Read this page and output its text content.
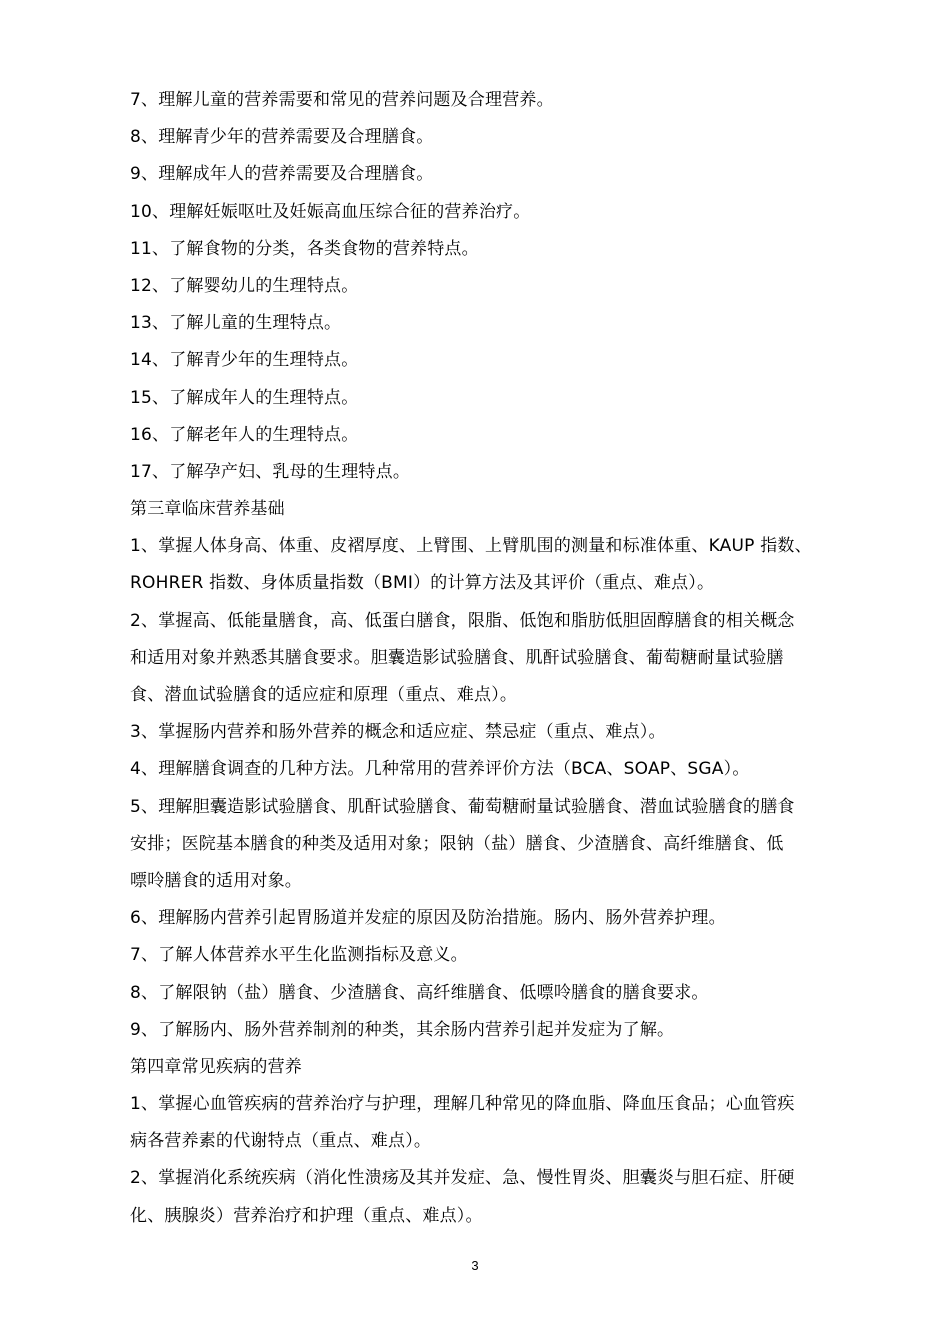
7、理解儿童的营养需要和常见的营养问题及合理营养。
8、理解青少年的营养需要及合理膳食。
9、理解成年人的营养需要及合理膳食。
10、理解妊娠呕吐及妊娠高血压综合征的营养治疗。
11、了解食物的分类，各类食物的营养特点。
12、了解婴幼儿的生理特点。
13、了解儿童的生理特点。
14、了解青少年的生理特点。
15、了解成年人的生理特点。
16、了解老年人的生理特点。
17、了解孕产妇、乳母的生理特点。
第三章临床营养基础
1、掌握人体身高、体重、皮褶厚度、上臂围、上臂肌围的测量和标准体重、KAUP 指数、
ROHRER 指数、身体质量指数（BMI）的计算方法及其评价（重点、难点）。
2、掌握高、低能量膳食，高、低蛋白膳食，限脂、低饱和脂肪低胆固醇膳食的相关概念
和适用对象并熟悉其膳食要求。胆囊造影试验膳食、肌酐试验膳食、葡萄糖耐量试验膳
食、潜血试验膳食的适应症和原理（重点、难点）。
3、掌握肠内营养和肠外营养的概念和适应症、禁忌症（重点、难点）。
4、理解膳食调查的几种方法。几种常用的营养评价方法（BCA、SOAP、SGA）。
5、理解胆囊造影试验膳食、肌酐试验膳食、葡萄糖耐量试验膳食、潜血试验膳食的膳食
安排；医院基本膳食的种类及适用对象；限钠（盐）膳食、少渣膳食、高纤维膳食、低
嘌呤膳食的适用对象。
6、理解肠内营养引起胃肠道并发症的原因及防治措施。肠内、肠外营养护理。
7、了解人体营养水平生化监测指标及意义。
8、了解限钠（盐）膳食、少渣膳食、高纤维膳食、低嘌呤膳食的膳食要求。
9、了解肠内、肠外营养制剂的种类，其余肠内营养引起并发症为了解。
第四章常见疾病的营养
1、掌握心血管疾病的营养治疗与护理，理解几种常见的降血脂、降血压食品；心血管疾
病各营养素的代谢特点（重点、难点）。
2、掌握消化系统疾病（消化性溃疡及其并发症、急、慢性胃炎、胆囊炎与胆石症、肝硬
化、胰腺炎）营养治疗和护理（重点、难点）。
3
